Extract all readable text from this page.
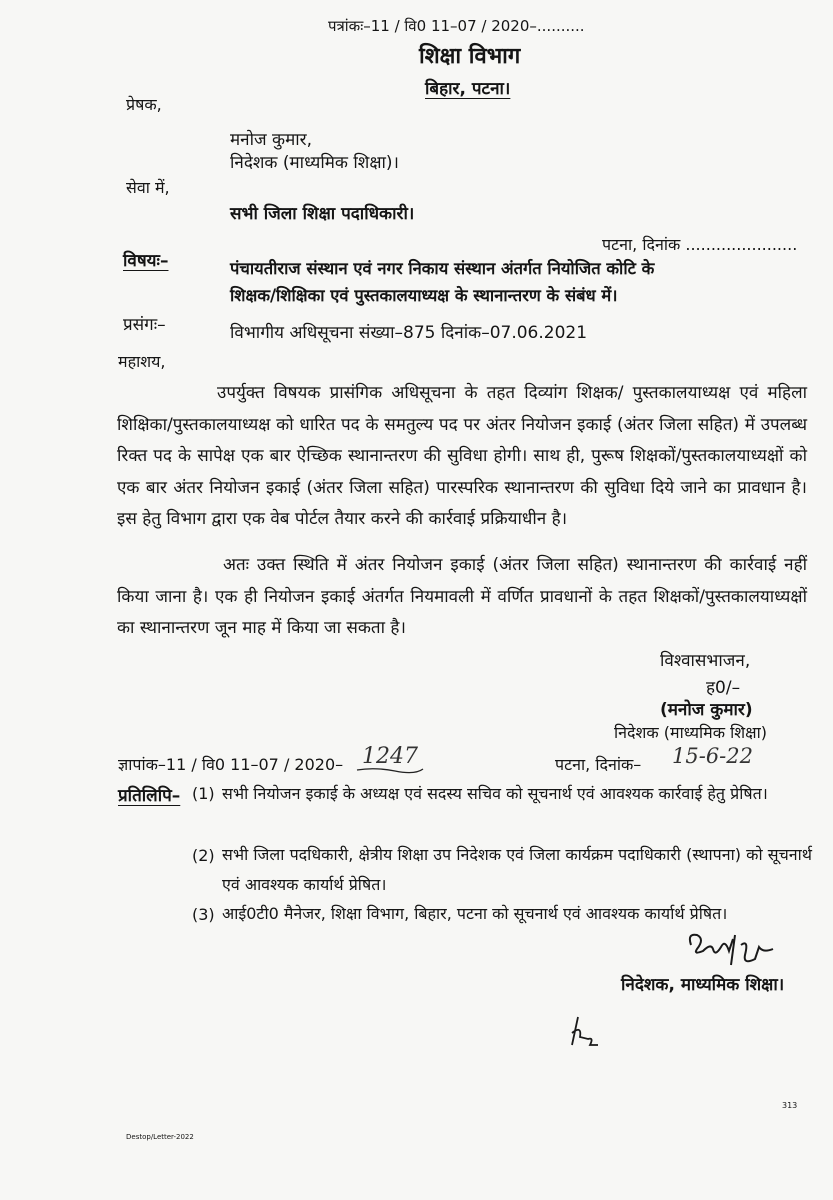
पत्रांकः–11 / वि0 11–07 / 2020–..........
शिक्षा विभाग
बिहार, पटना।
प्रेषक,
मनोज कुमार,
निदेशक (माध्यमिक शिक्षा)।
सेवा में,
सभी जिला शिक्षा पदाधिकारी।
पटना, दिनांक ......................
विषयः–	पंचायतीराज संस्थान एवं नगर निकाय संस्थान अंतर्गत नियोजित कोटि के
शिक्षक/शिक्षिका एवं पुस्तकालयाध्यक्ष के स्थानान्तरण के संबंध में।
प्रसंगः–	विभागीय अधिसूचना संख्या–875 दिनांक–07.06.2021
महाशय,
उपर्युक्त विषयक प्रासंगिक अधिसूचना के तहत दिव्यांग शिक्षक/ पुस्तकालयाध्यक्ष एवं महिला शिक्षिका/पुस्तकालयाध्यक्ष को धारित पद के समतुल्य पद पर अंतर नियोजन इकाई (अंतर जिला सहित) में उपलब्ध रिक्त पद के सापेक्ष एक बार ऐच्छिक स्थानान्तरण की सुविधा होगी। साथ ही, पुरूष शिक्षकों/पुस्तकालयाध्यक्षों को एक बार अंतर नियोजन इकाई (अंतर जिला सहित) पारस्परिक स्थानान्तरण की सुविधा दिये जाने का प्रावधान है। इस हेतु विभाग द्वारा एक वेब पोर्टल तैयार करने की कार्रवाई प्रक्रियाधीन है।
अतः उक्त स्थिति में अंतर नियोजन इकाई (अंतर जिला सहित) स्थानान्तरण की कार्रवाई नहीं किया जाना है। एक ही नियोजन इकाई अंतर्गत नियमावली में वर्णित प्रावधानों के तहत शिक्षकों/पुस्तकालयाध्यक्षों का स्थानान्तरण जून माह में किया जा सकता है।
विश्वासभाजन,
ह0/–
(मनोज कुमार)
निदेशक (माध्यमिक शिक्षा)
ज्ञापांक–11 / वि0 11–07 / 2020– 1247	पटना, दिनांक– 15-6-22
प्रतिलिपि– (1) सभी नियोजन इकाई के अध्यक्ष एवं सदस्य सचिव को सूचनार्थ एवं आवश्यक कार्रवाई हेतु प्रेषित।
(2) सभी जिला पदधिकारी, क्षेत्रीय शिक्षा उप निदेशक एवं जिला कार्यक्रम पदाधिकारी (स्थापना) को सूचनार्थ एवं आवश्यक कार्यार्थ प्रेषित।
(3) आई0टी0 मैनेजर, शिक्षा विभाग, बिहार, पटना को सूचनार्थ एवं आवश्यक कार्यार्थ प्रेषित।
निदेशक, माध्यमिक शिक्षा।
313
Destop/Letter-2022
